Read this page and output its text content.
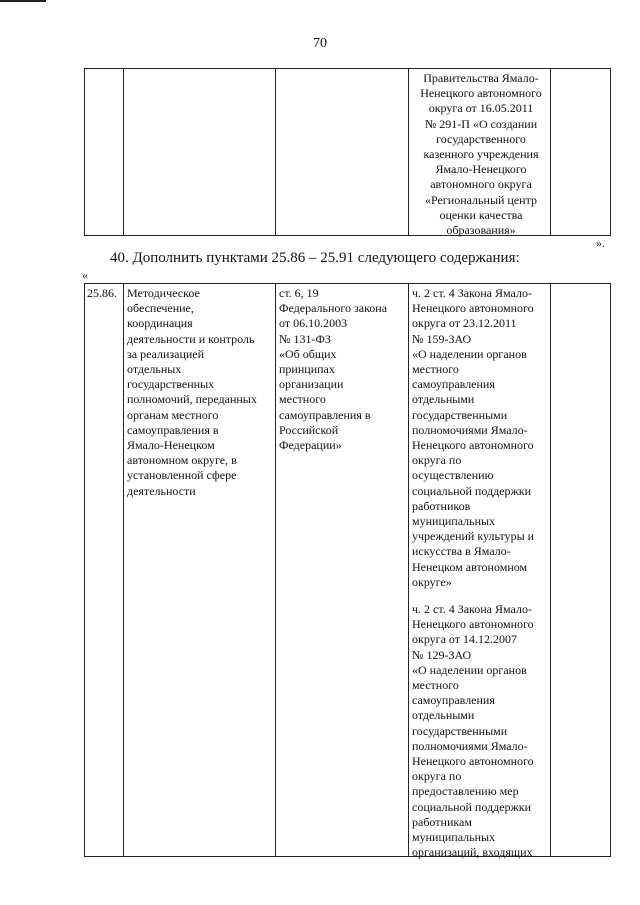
70
Правительства Ямало-
Ненецкого автономного
округа от 16.05.2011
№ 291-П «О создании
государственного
казенного учреждения
Ямало-Ненецкого
автономного округа
«Региональный центр
оценки качества
образования»
».
40. Дополнить пунктами 25.86 – 25.91 следующего содержания:
«
25.86. Методическое
обеспечение,
координация
деятельности и контроль
за реализацией
отдельных
государственных
полномочий, переданных
органам местного
самоуправления в
Ямало-Ненецком
автономном округе, в
установленной сфере
деятельности
ст. 6, 19
Федерального закона
от 06.10.2003
№ 131-ФЗ
«Об общих
принципах
организации
местного
самоуправления в
Российской
Федерации»
ч. 2 ст. 4 Закона Ямало-
Ненецкого автономного
округа от 23.12.2011
№ 159-ЗАО
«О наделении органов
местного
самоуправления
отдельными
государственными
полномочиями Ямало-
Ненецкого автономного
округа по
осуществлению
социальной поддержки
работников
муниципальных
учреждений культуры и
искусства в Ямало-
Ненецком автономном
округе»
ч. 2 ст. 4 Закона Ямало-
Ненецкого автономного
округа от 14.12.2007
№ 129-ЗАО
«О наделении органов
местного
самоуправления
отдельными
государственными
полномочиями Ямало-
Ненецкого автономного
округа по
предоставлению мер
социальной поддержки
работникам
муниципальных
организаций, входящих
